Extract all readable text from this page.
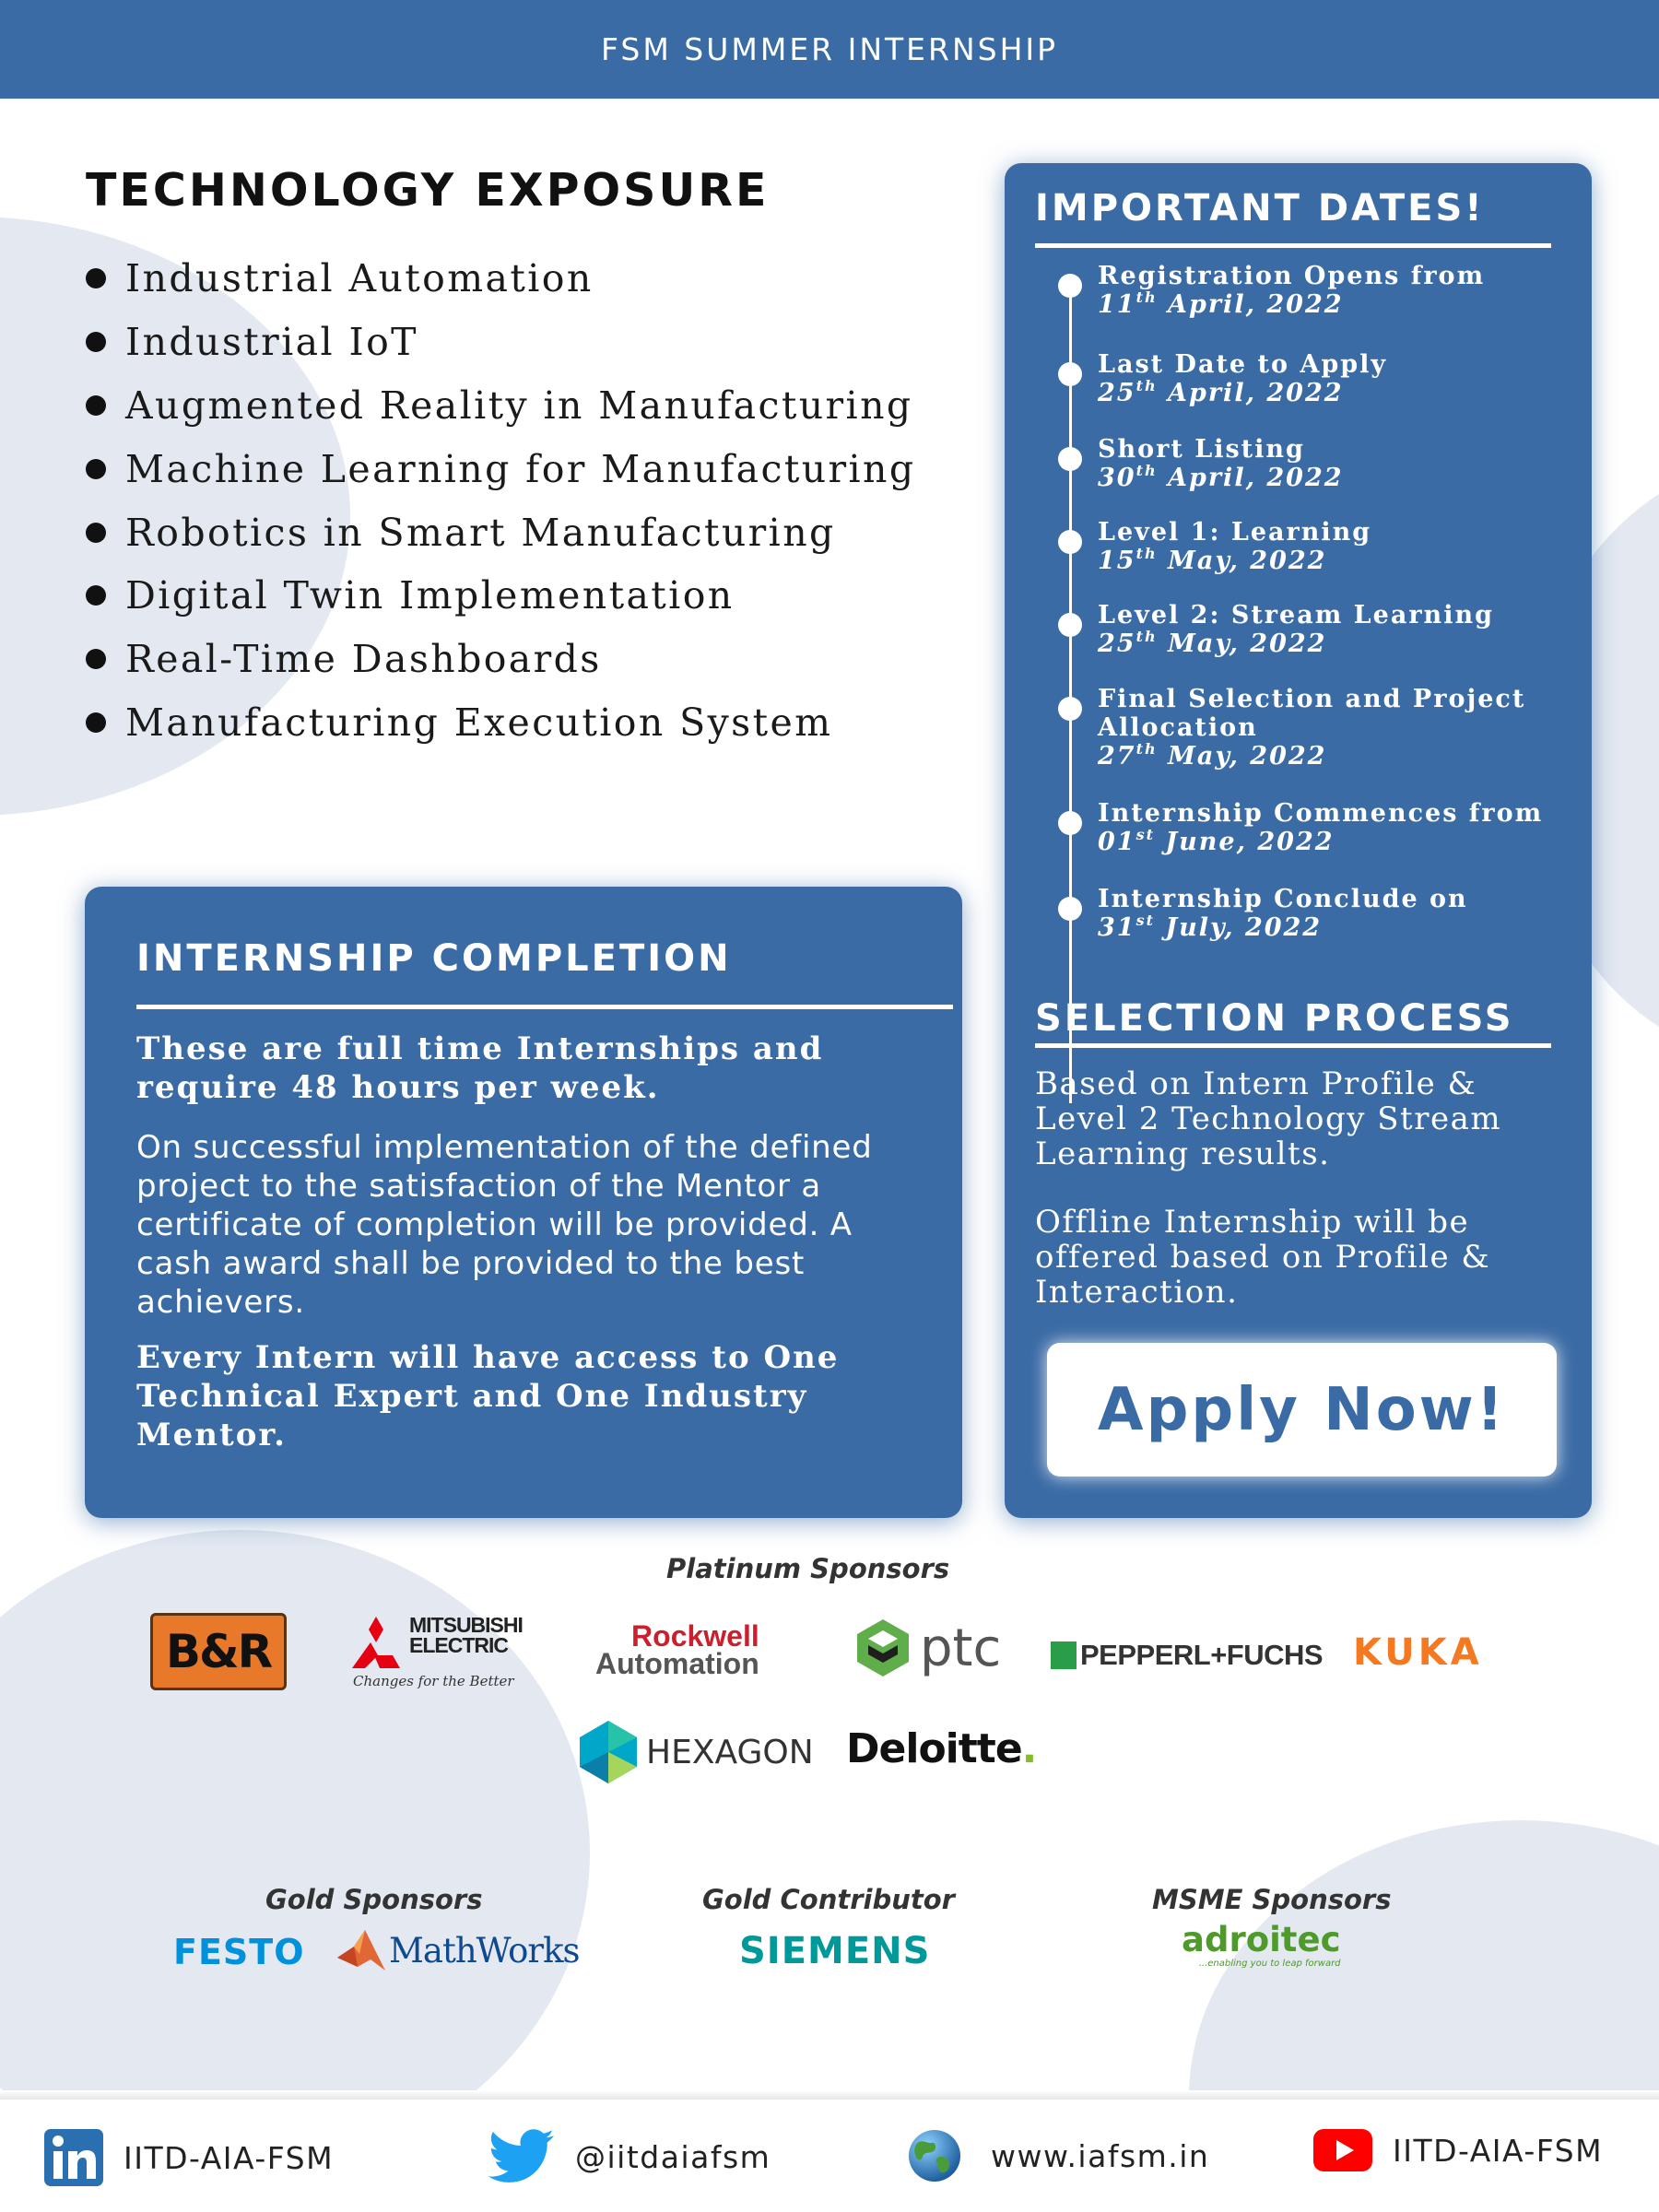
FSM SUMMER INTERNSHIP
TECHNOLOGY EXPOSURE
Industrial Automation
Industrial IoT
Augmented Reality in Manufacturing
Machine Learning for Manufacturing
Robotics in Smart Manufacturing
Digital Twin Implementation
Real-Time Dashboards
Manufacturing Execution System
INTERNSHIP COMPLETION
These are full time Internships and require 48 hours per week.
On successful implementation of the defined project to the satisfaction of the Mentor a certificate of completion will be provided. A cash award shall be provided to the best achievers.
Every Intern will have access to One Technical Expert and One Industry Mentor.
IMPORTANT DATES!
Registration Opens from
11th April, 2022
Last Date to Apply
25th April, 2022
Short Listing
30th April, 2022
Level 1: Learning
15th May, 2022
Level 2: Stream Learning
25th May, 2022
Final Selection and Project Allocation
27th May, 2022
Internship Commences from
01st June, 2022
Internship Conclude on
31st July, 2022
SELECTION PROCESS
Based on Intern Profile & Level 2 Technology Stream Learning results.
Offline Internship will be offered based on Profile & Interaction.
Apply Now!
Platinum Sponsors
B&R	MITSUBISHI
ELECTRIC
Changes for the Better
Rockwell
Automation	ptc	PEPPERL+FUCHS KUKA
HEXAGON Deloitte .
Gold Sponsors
FESTO MathWorks
Gold Contributor
SIEMENS
MSME Sponsors
adroitec
...enabling you to leap forward
IITD-AIA-FSM	@iitdaiafsm	www.iafsm.in	IITD-AIA-FSM
